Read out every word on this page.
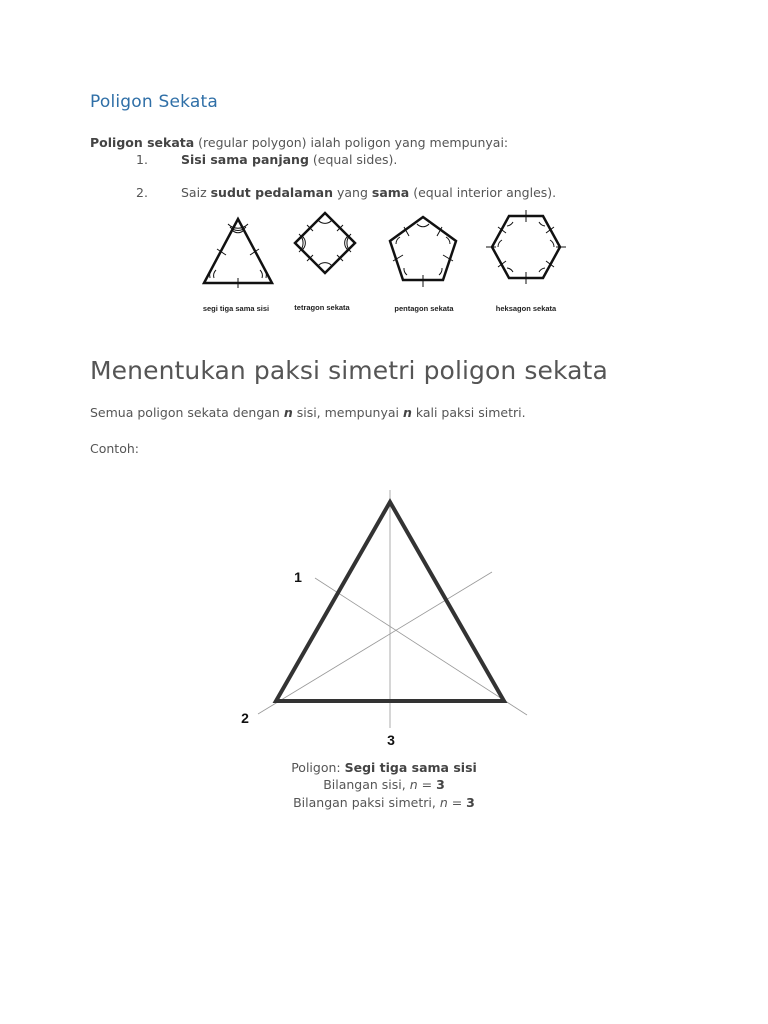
Poligon Sekata
Poligon sekata (regular polygon) ialah poligon yang mempunyai:
1.	Sisi sama panjang (equal sides).
2.	Saiz sudut pedalaman yang sama (equal interior angles).
segi tiga sama sisi	tetragon sekata	pentagon sekata	heksagon sekata
Menentukan paksi simetri poligon sekata
Semua poligon sekata dengan n sisi, mempunyai n kali paksi simetri.
Contoh:
1
2
3
Poligon: Segi tiga sama sisi
Bilangan sisi, n = 3
Bilangan paksi simetri, n = 3
